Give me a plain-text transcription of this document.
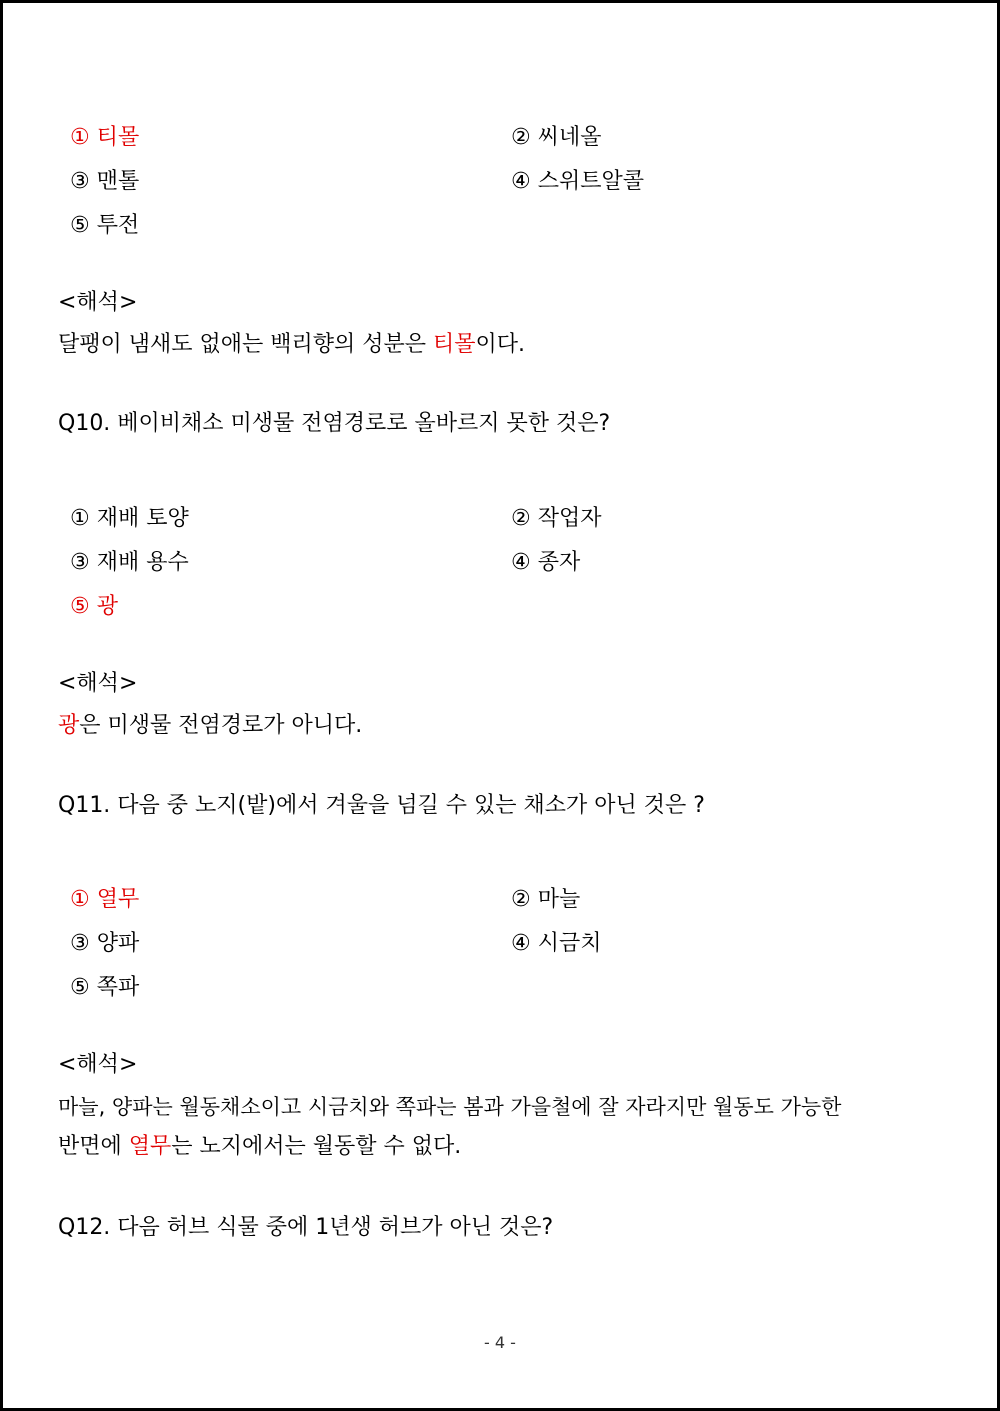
① 티몰	② 씨네올
③ 맨톨	④ 스위트알콜
⑤ 투전
<해석>
달팽이 냄새도 없애는 백리향의 성분은 티몰이다.
Q10. 베이비채소 미생물 전염경로로 올바르지 못한 것은?
① 재배 토양	② 작업자
③ 재배 용수	④ 종자
⑤ 광
<해석>
광은 미생물 전염경로가 아니다.
Q11. 다음 중 노지(밭)에서 겨울을 넘길 수 있는 채소가 아닌 것은 ?
① 열무	② 마늘
③ 양파	④ 시금치
⑤ 쪽파
<해석>
마늘, 양파는 월동채소이고 시금치와 쪽파는 봄과 가을철에 잘 자라지만 월동도 가능한
반면에 열무는 노지에서는 월동할 수 없다.
Q12. 다음 허브 식물 중에 1년생 허브가 아닌 것은?
- 4 -
